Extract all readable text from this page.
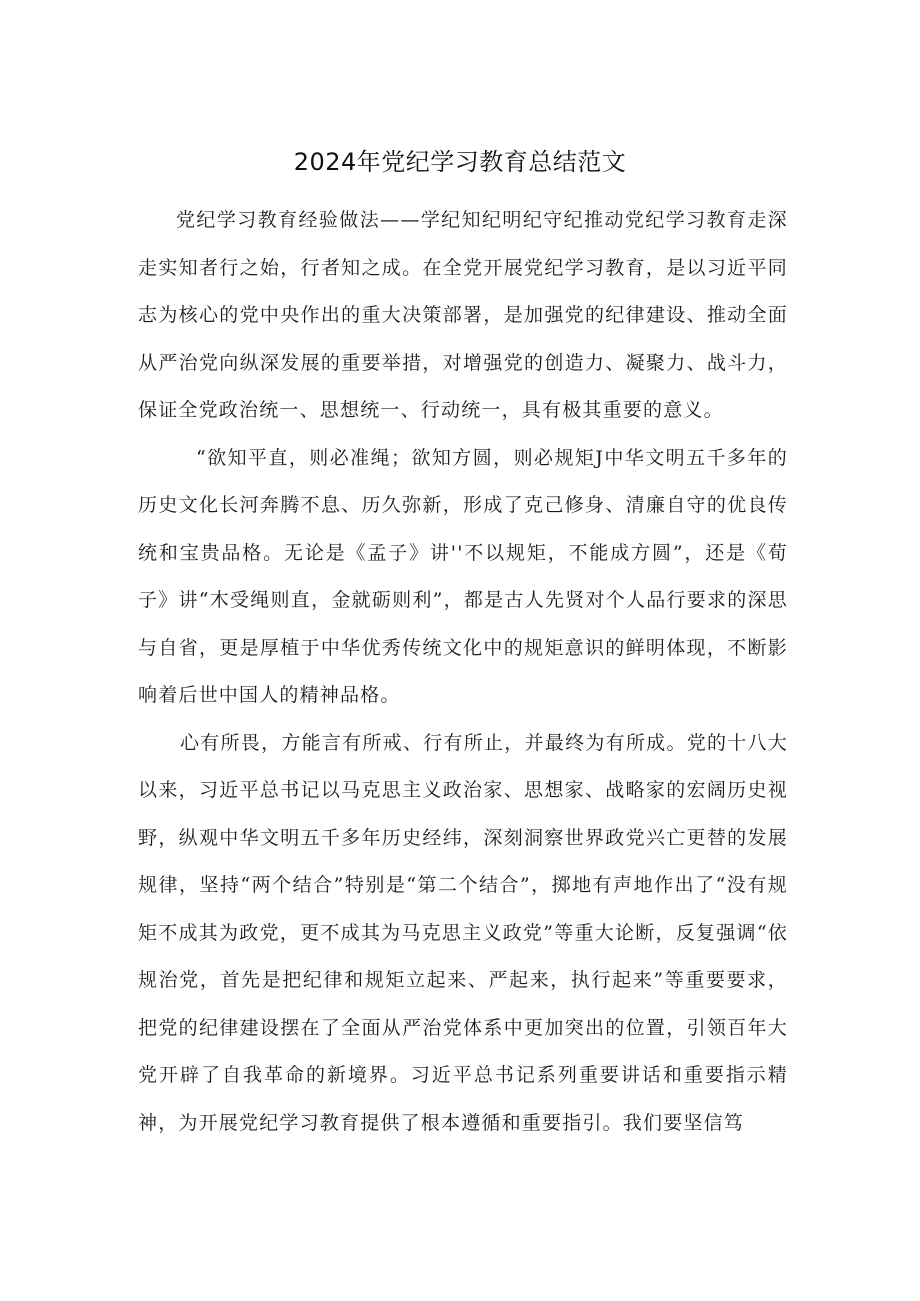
2024年党纪学习教育总结范文

党纪学习教育经验做法——学纪知纪明纪守纪推动党纪学习教育走深走实知者行之始，行者知之成。在全党开展党纪学习教育，是以习近平同志为核心的党中央作出的重大决策部署，是加强党的纪律建设、推动全面从严治党向纵深发展的重要举措，对增强党的创造力、凝聚力、战斗力，保证全党政治统一、思想统一、行动统一，具有极其重要的意义。

“欲知平直，则必准绳；欲知方圆，则必规矩J中华文明五千多年的历史文化长河奔腾不息、历久弥新，形成了克己修身、清廉自守的优良传统和宝贵品格。无论是《孟子》讲''不以规矩，不能成方圆”，还是《荀子》讲“木受绳则直，金就砺则利”，都是古人先贤对个人品行要求的深思与自省，更是厚植于中华优秀传统文化中的规矩意识的鲜明体现，不断影响着后世中国人的精神品格。

心有所畏，方能言有所戒、行有所止，并最终为有所成。党的十八大以来，习近平总书记以马克思主义政治家、思想家、战略家的宏阔历史视野，纵观中华文明五千多年历史经纬，深刻洞察世界政党兴亡更替的发展规律，坚持“两个结合”特别是“第二个结合”，掷地有声地作出了“没有规矩不成其为政党，更不成其为马克思主义政党”等重大论断，反复强调“依规治党，首先是把纪律和规矩立起来、严起来，执行起来”等重要要求，把党的纪律建设摆在了全面从严治党体系中更加突出的位置，引领百年大党开辟了自我革命的新境界。习近平总书记系列重要讲话和重要指示精神，为开展党纪学习教育提供了根本遵循和重要指引。我们要坚信笃
